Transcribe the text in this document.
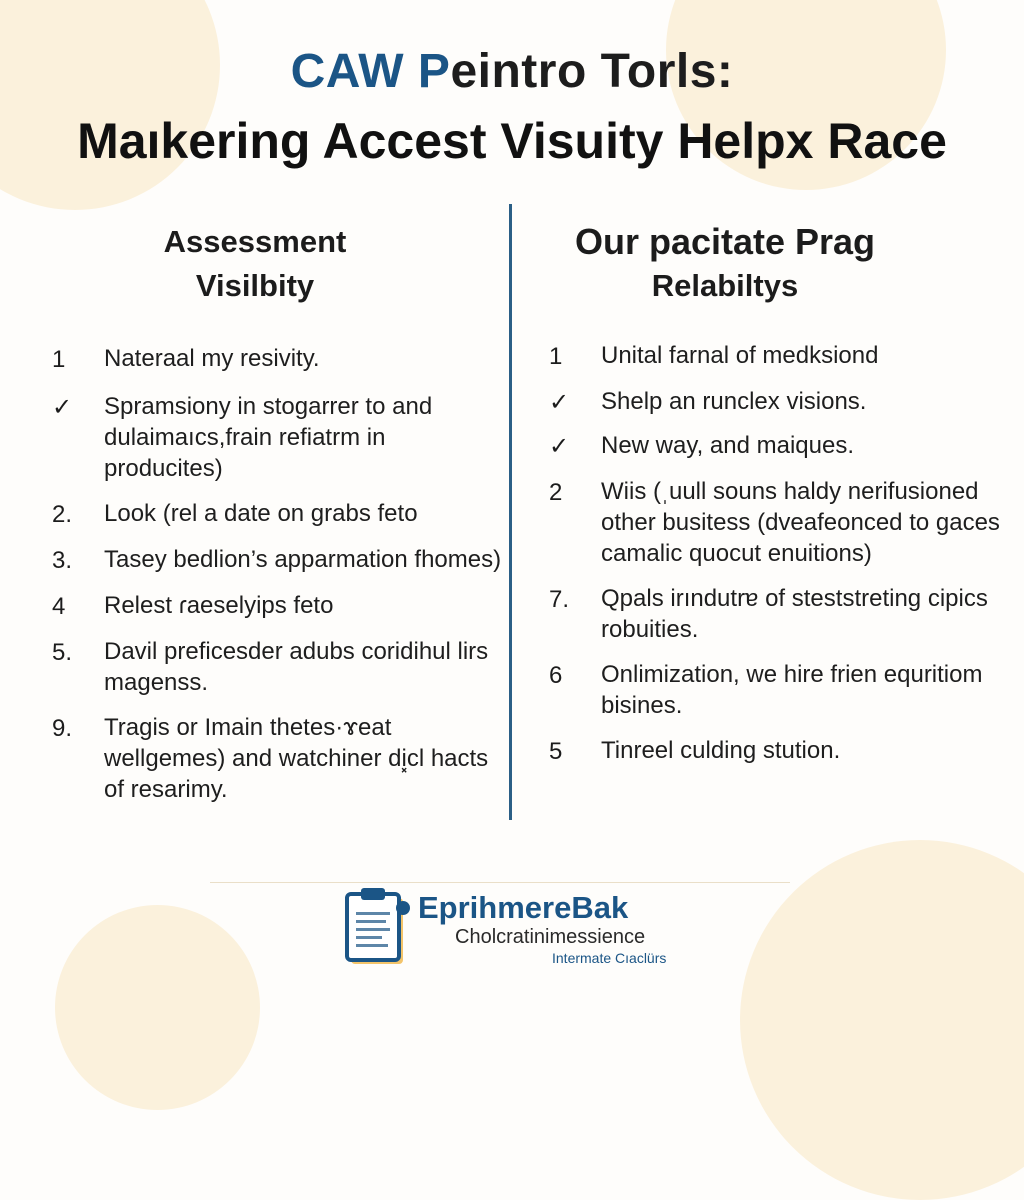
CAW Peintro Torls:
Maıkering Accest Visuity Helpx Race
Assessment
Visilbity
Our pacitate Prag
Relabiltys
1	Nateraal my resivity.
✓	Spramsiony in stogarrer to and dulaimaıcs,frain refiatrm in producites)
2.	Look (rel a date on grabs feto
3.	Tasey bedlion’s apparmation fhomes)
4	Relest ɾaeselyips feto
5.	Davil preficesder adubs coridihul lirs magenss.
9.	Tragis or Imain thetes·ɤeat wellgemes) and watchiner di͓cl hacts of resarimy.
1	Unital farnal of medksiond
✓	Shelp an runclex visions.
✓	New way, and maiques.
2	Wiis (ˌuull souns haldy nerifusioned other busitess (dveafeonced to gaces camalic quocut enuitions)
7.	Qpals irındutrɐ of steststreting cipics robuities.
6	Onlimization, we hire frien equritiom bisines.
5	Tinreel culding stution.
EprihmereBak
Cholcratinimessience
Intermate Cıaclürs
